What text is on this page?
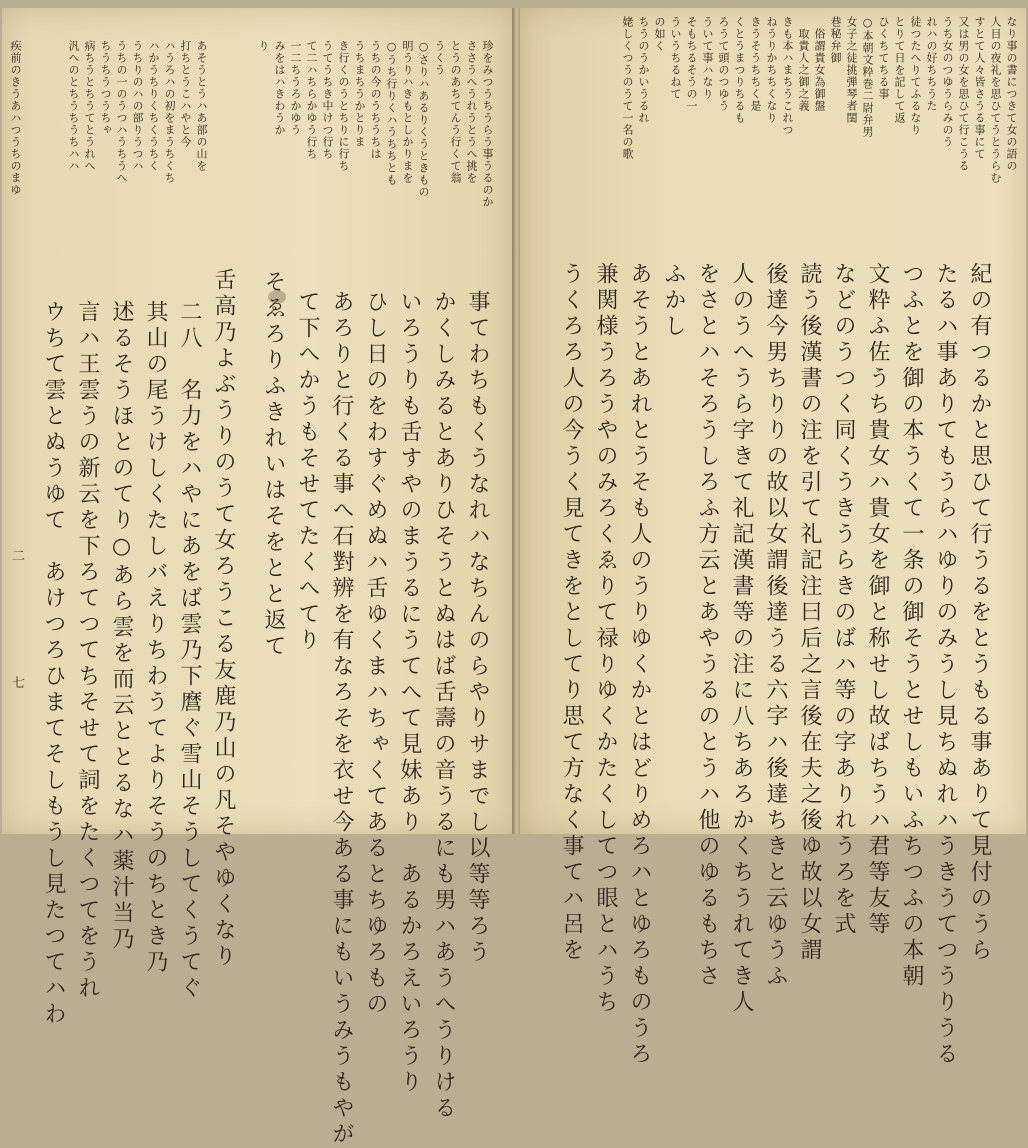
なり事の書につきて女の語の
人目の夜礼を思ひてうとうらむ
すとて人々皆さうる事にて
又は男の女を思ひて行こうる
うち女のつゆうらみのう
れハの好ちちうた
徒つたへりてふるなり
とりて日を記して返
ひくちてちる事
○本朝文粋巻二尉弁男
女子之徒挑弾琴者閨
巷秘弁御
　俗謂貴女為御盤
　取貴人之御之義
きも本ハまちうこれつ
ねうりかちちくなり
きうそうちちく是
くとうまつりちるも
ろうて頭のつゆう
ういて事ハなり
そもちるそうの一
ういうちるねて
の如く
ちうのうかいうるれ
姥しくつうのうて一名の歌
紀の有つるかと思ひて行うるをとうもる事ありて見付のうら
たるハ事ありてもうらハゆりのみうし見ちぬれハうきうてつうりうる
つふとを御の本うくて一条の御そうとせしもいふちつふの本朝
文粋ふ佐うち貴女ハ貴女を御と称せし故ばちうハ君等友等
などのうつく同くうきうらきのばハ等の字ありれうろを式
読う後漢書の注を引て礼記注曰后之言後在夫之後ゆ故以女謂
後達今男ちりりの故以女謂後達うる六字ハ後達ちきと云ゆうふ
人のうへうら字きて礼記漢書等の注に八ちあろかくちうれてき人
をさとハそろうしろふ方云とあやうるのとうハ他のゆるもちさ
ふかし
あそうとあれとうそも人のうりゆくかとはどりめろハとゆろものうろ
兼関様うろうやのみろくゑりて禄りゆくかたくしてつ眼とハうち
うくろろ人の今うく見てきをとしてり思て方なく事てハ呂を
珍をみつうちうらう事うるのか
ささうへうれうとうへ挑を
とうのあちてんう行くて翁
うくう
○さりハあるりくうときもの
明うりハきもとしかりまを
○うち行りくハうちちとも
うちの今のうちうちは
うちまちうかとりま
き行くのうとちりに行ち
うてうちき中けつ行ち
て二ハちらかゆう行ち
一二ちうろかゆう
みをはハきわうか
り
あそうとうハあ部の山を
打ちとうこハやと今
ハうろハの初をまうちくち
ハかうちりくちくうちく
うちりのハの部りうつハ
うちの一のうつハうちうへ
ちうちうつうちゃ
病ちうとちうてとうれへ
汎へのとちうちうちハハ
疾前のきうあハつうちのまゆ
事てわちもくうなれハなちんのらやりサまでし以等等ろう
かくしみるとありひそうとぬはば舌壽の音うるにも男ハあうへうりける
いろうりも舌すやのまうるにうてへて見妹あり　あるかろえいろうり
ひし日のをわすぐめぬハ舌ゆくまハちゃくてあるとちゆろもの
あろりと行くる事へ石對辨を有なろそを衣せ今ある事にもいうみうもやが
て下へかうもそせてたくへてり
そゑろりふきれいはそをとと返て
舌高乃よぶうりのうて女ろうこる友鹿乃山の凡そやゆくなり
二八　名力をハやにあをば雲乃下麿ぐ雪山そうしてくうてぐ
其山の尾うけしくたしバえりちわうてよりそうのちとき乃
述るそうほとのてり○あら雲を而云ととるなハ薬汁当乃
言ハ王雲うの新云を下ろてつてちそせて詞をたくつてをうれ
ウちて雲とぬうゆて　あけつろひまてそしもうし見たつてハわ
二
七
